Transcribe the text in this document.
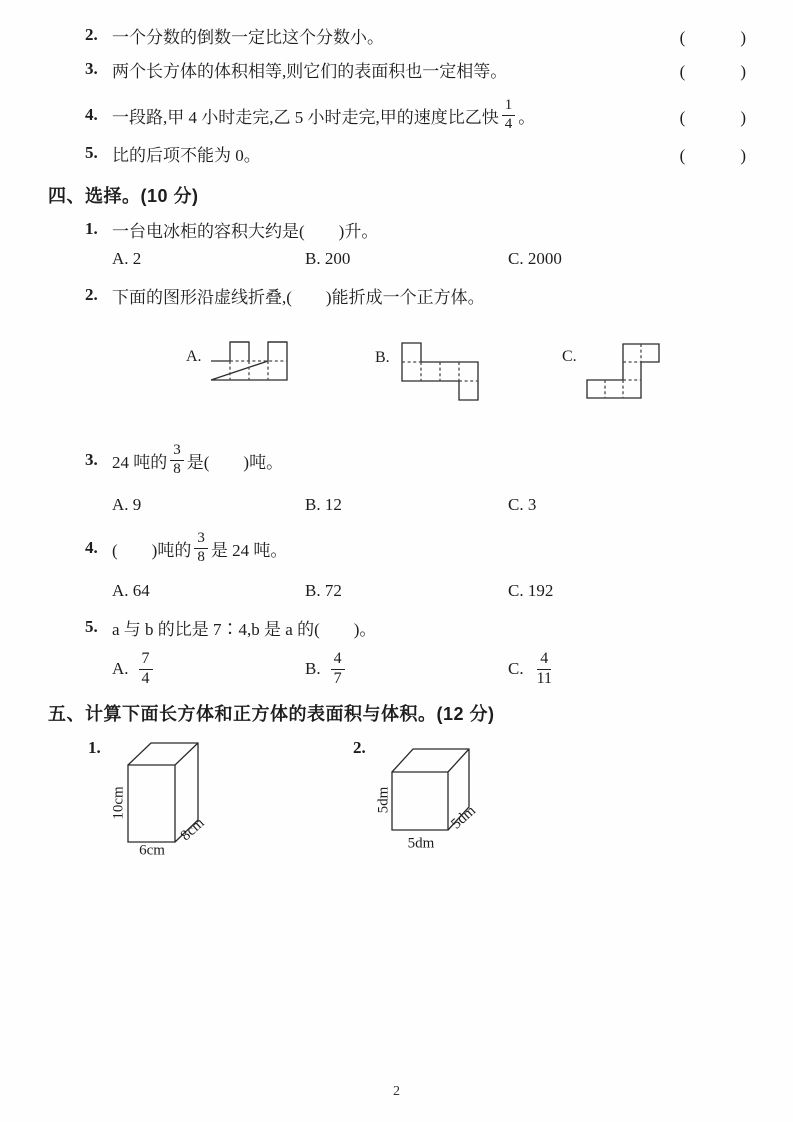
2. 一个分数的倒数一定比这个分数小。	(　　　)
3. 两个长方体的体积相等,则它们的表面积也一定相等。	(　　　)
4. 一段路,甲 4 小时走完,乙 5 小时走完,甲的速度比乙快 $\frac{1}{4}$ 。	(　　　)
5. 比的后项不能为 0。	(　　　)
四、选择。(10 分)
1. 一台电冰柜的容积大约是(　　)升。
A. 2	B. 200	C. 2000
2. 下面的图形沿虚线折叠,(　　)能折成一个正方体。
A.	B.	C.
3. 24 吨的 $\frac{3}{8}$ 是(　　)吨。
A. 9	B. 12	C. 3
4. (　　)吨的 $\frac{3}{8}$ 是 24 吨。
A. 64	B. 72	C. 192
5. a 与 b 的比是 7∶4,b 是 a 的(　　)。
A. $\frac{7}{4}$	B. $\frac{4}{7}$	C. $\frac{4}{11}$
五、计算下面长方体和正方体的表面积与体积。(12 分)
1.
10cm
6cm
8cm
2.
5dm
5dm
5dm
2
